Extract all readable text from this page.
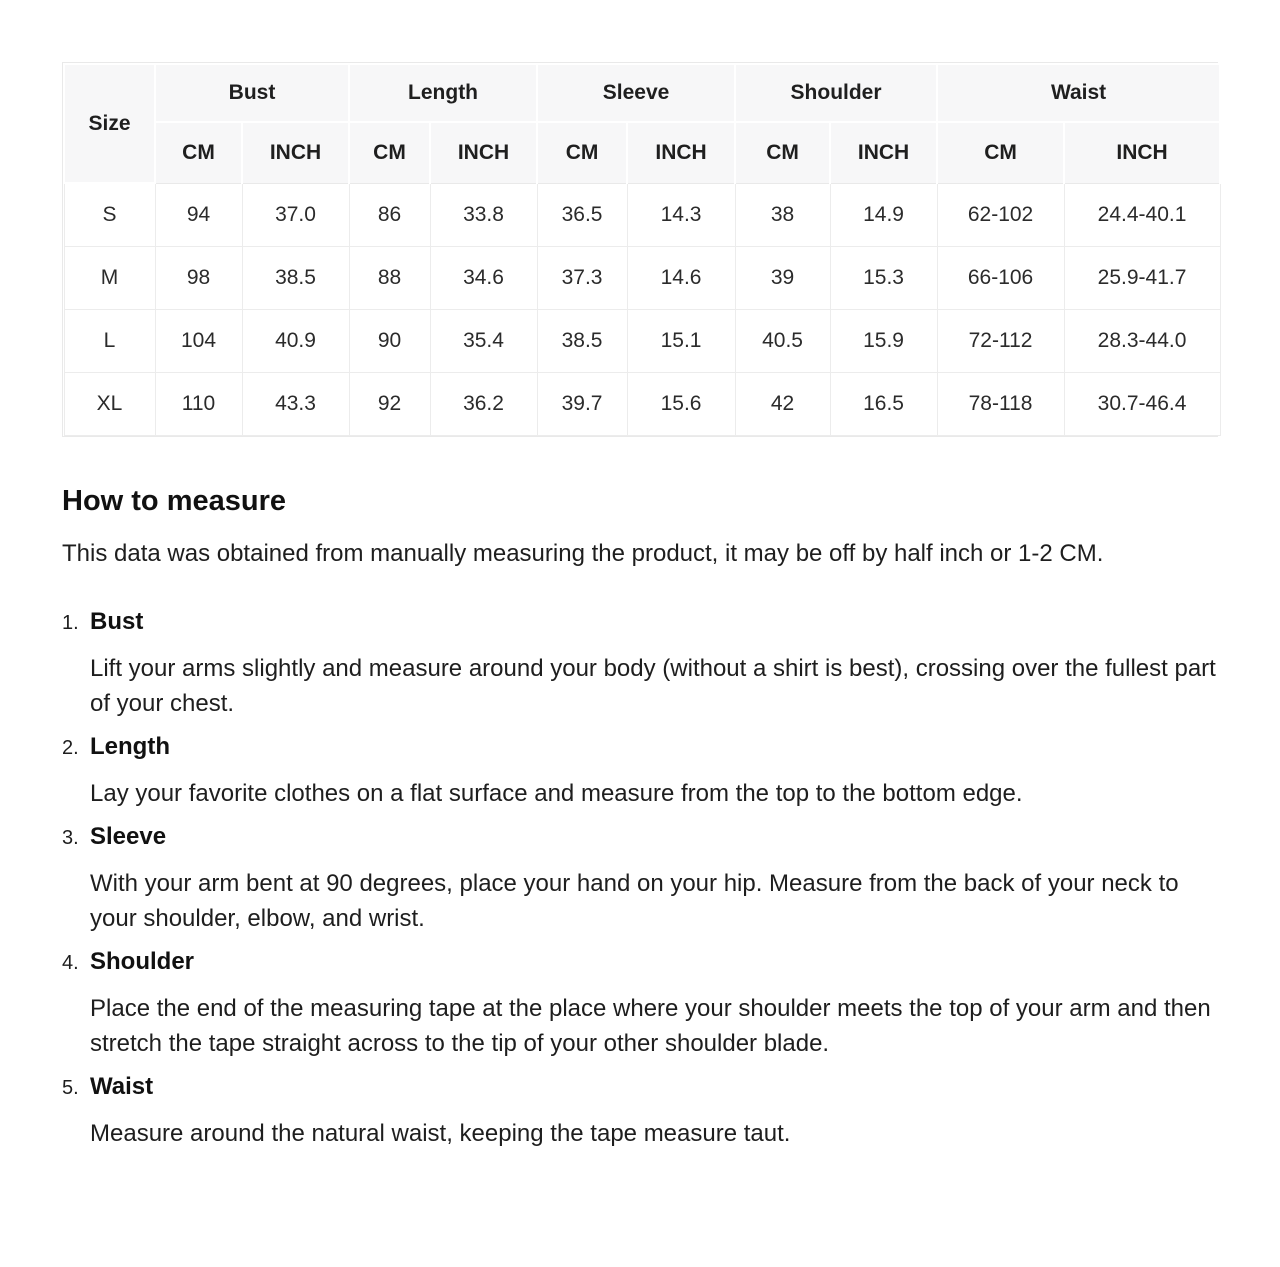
Size	Bust		Length		Sleeve		Shoulder		Waist	
	CM	INCH	CM	INCH	CM	INCH	CM	INCH	CM	INCH
S	94	37.0	86	33.8	36.5	14.3	38	14.9	62-102	24.4-40.1
M	98	38.5	88	34.6	37.3	14.6	39	15.3	66-106	25.9-41.7
L	104	40.9	90	35.4	38.5	15.1	40.5	15.9	72-112	28.3-44.0
XL	110	43.3	92	36.2	39.7	15.6	42	16.5	78-118	30.7-46.4
How to measure

This data was obtained from manually measuring the product, it may be off by half inch or 1-2 CM.

1. Bust

Lift your arms slightly and measure around your body (without a shirt is best), crossing over the fullest part of your chest.

2. Length

Lay your favorite clothes on a flat surface and measure from the top to the bottom edge.

3. Sleeve

With your arm bent at 90 degrees, place your hand on your hip. Measure from the back of your neck to your shoulder, elbow, and wrist.

4. Shoulder

Place the end of the measuring tape at the place where your shoulder meets the top of your arm and then stretch the tape straight across to the tip of your other shoulder blade.

5. Waist

Measure around the natural waist, keeping the tape measure taut.
